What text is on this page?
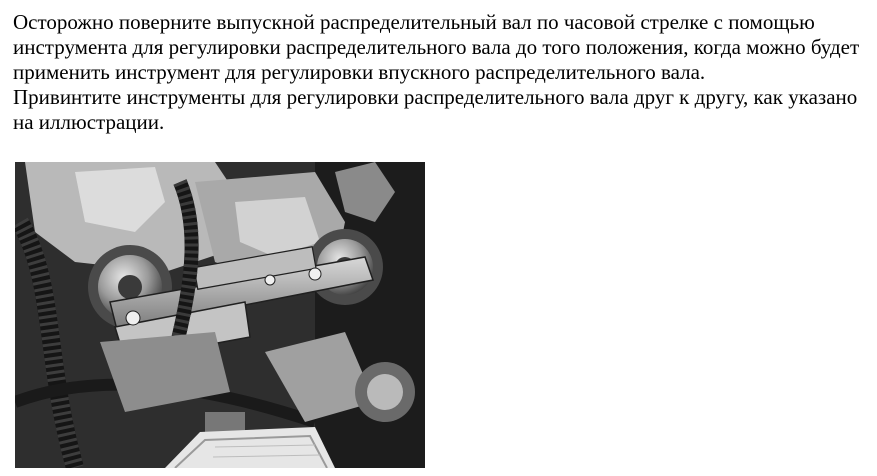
Осторожно поверните выпускной распределительный вал по часовой стрелке с помощью инструмента для регулировки распределительного вала до того положения, когда можно будет применить инструмент для регулировки впускного распределительного вала.

Привинтите инструменты для регулировки распределительного вала друг к другу, как указано на иллюстрации.
